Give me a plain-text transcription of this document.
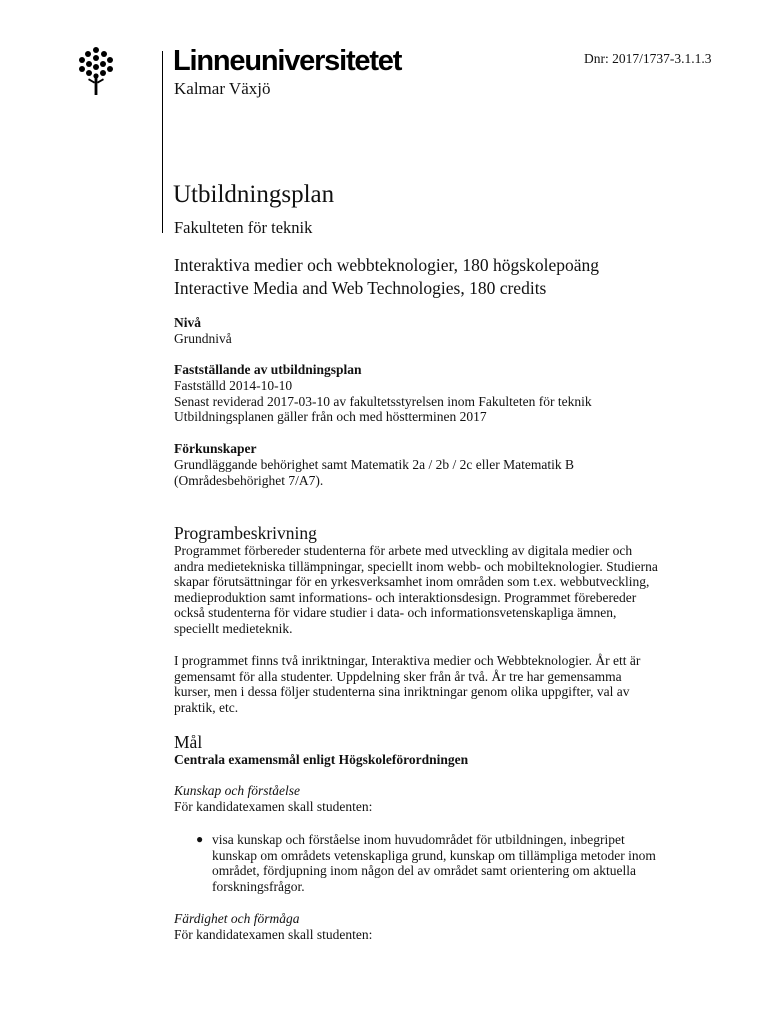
Linneuniversitetet
Kalmar Växjö
Dnr: 2017/1737-3.1.1.3
Utbildningsplan
Fakulteten för teknik
Interaktiva medier och webbteknologier, 180 högskolepoäng
Interactive Media and Web Technologies, 180 credits
Nivå

Grundnivå

Fastställande av utbildningsplan

Fastställd 2014-10-10

Senast reviderad 2017-03-10 av fakultetsstyrelsen inom Fakulteten för teknik

Utbildningsplanen gäller från och med höstterminen 2017

Förkunskaper

Grundläggande behörighet samt Matematik 2a / 2b / 2c eller Matematik B

(Områdesbehörighet 7/A7).

Programbeskrivning

Programmet förbereder studenterna för arbete med utveckling av digitala medier och

andra medietekniska tillämpningar, speciellt inom webb- och mobilteknologier. Studierna

skapar förutsättningar för en yrkesverksamhet inom områden som t.ex. webbutveckling,

medieproduktion samt informations- och interaktionsdesign. Programmet förebereder

också studenterna för vidare studier i data- och informationsvetenskapliga ämnen,

speciellt medieteknik.

I programmet finns två inriktningar, Interaktiva medier och Webbteknologier. År ett är

gemensamt för alla studenter. Uppdelning sker från år två. År tre har gemensamma

kurser, men i dessa följer studenterna sina inriktningar genom olika uppgifter, val av

praktik, etc.

Mål
Centrala examensmål enligt Högskoleförordningen
Kunskap och förståelse

För kandidatexamen skall studenten:

● visa kunskap och förståelse inom huvudområdet för utbildningen, inbegripet

kunskap om områdets vetenskapliga grund, kunskap om tillämpliga metoder inom

området, fördjupning inom någon del av området samt orientering om aktuella

forskningsfrågor.

Färdighet och förmåga

För kandidatexamen skall studenten:
